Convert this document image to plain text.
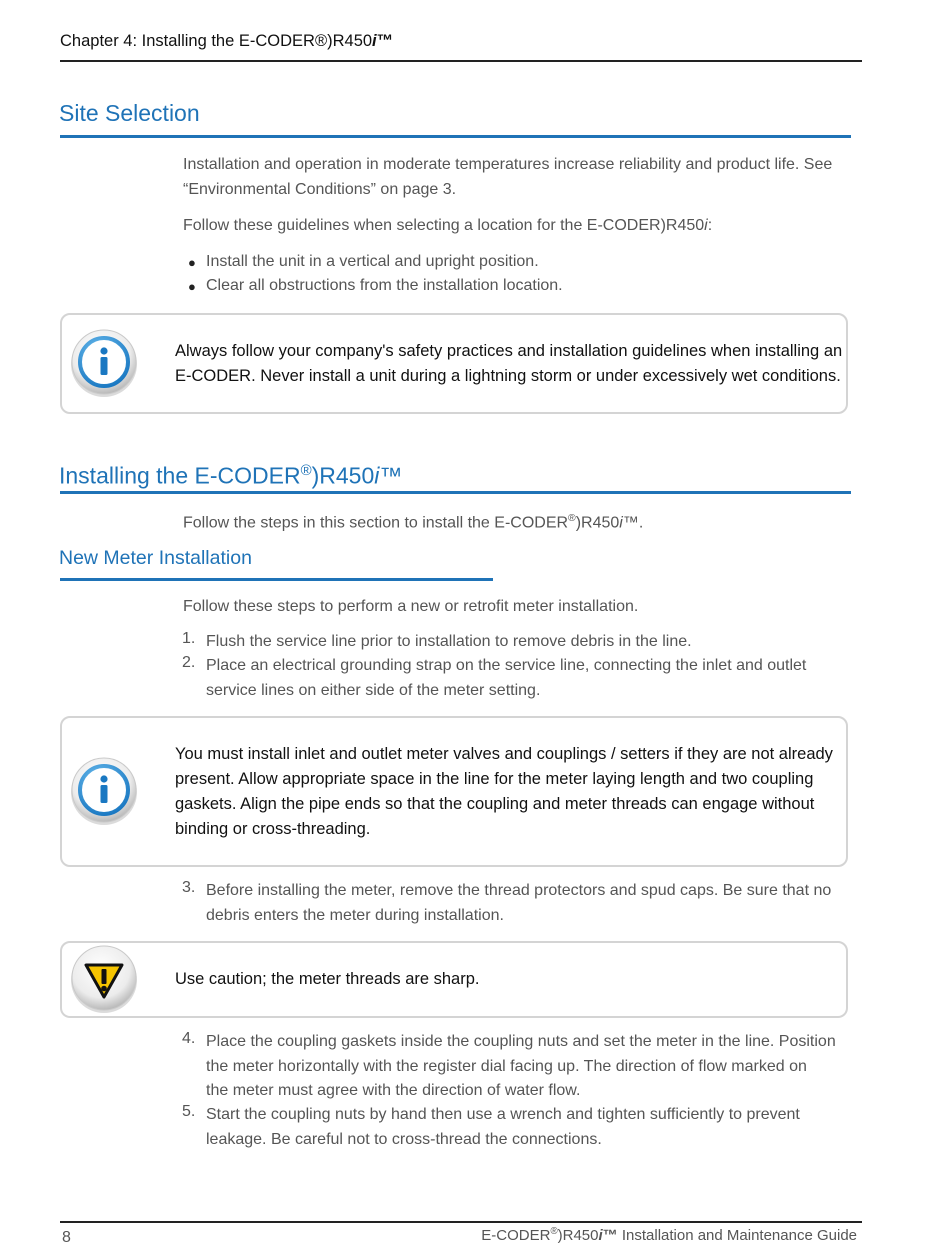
Chapter 4: Installing the E-CODER®)R450i™
Site Selection
Installation and operation in moderate temperatures increase reliability and product life. See
“Environmental Conditions” on page 3.
Follow these guidelines when selecting a location for the E-CODER)R450i:
● Install the unit in a vertical and upright position.
● Clear all obstructions from the installation location.
Always follow your company's safety practices and installation guidelines when installing an
E-CODER. Never install a unit during a lightning storm or under excessively wet conditions.
Installing the E-CODER®)R450i™
Follow the steps in this section to install the E-CODER®)R450i™.
New Meter Installation
Follow these steps to perform a new or retrofit meter installation.
1. Flush the service line prior to installation to remove debris in the line.
2. Place an electrical grounding strap on the service line, connecting the inlet and outlet
service lines on either side of the meter setting.
You must install inlet and outlet meter valves and couplings / setters if they are not already
present. Allow appropriate space in the line for the meter laying length and two coupling
gaskets. Align the pipe ends so that the coupling and meter threads can engage without
binding or cross-threading.
3. Before installing the meter, remove the thread protectors and spud caps. Be sure that no
debris enters the meter during installation.
Use caution; the meter threads are sharp.
4. Place the coupling gaskets inside the coupling nuts and set the meter in the line. Position
the meter horizontally with the register dial facing up. The direction of flow marked on
the meter must agree with the direction of water flow.
5. Start the coupling nuts by hand then use a wrench and tighten sufficiently to prevent
leakage. Be careful not to cross-thread the connections.
8	E-CODER®)R450i™ Installation and Maintenance Guide
